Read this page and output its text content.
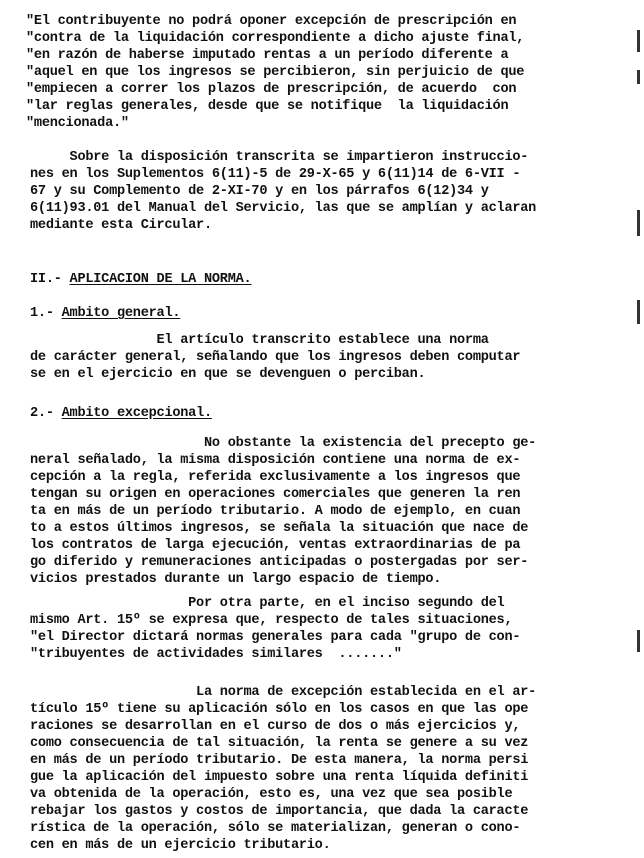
"El contribuyente no podrá oponer excepción de prescripción en
"contra de la liquidación correspondiente a dicho ajuste final,
"en razón de haberse imputado rentas a un período diferente a
"aquel en que los ingresos se percibieron, sin perjuicio de que
"empiecen a correr los plazos de prescripción, de acuerdo  con
"lar reglas generales, desde que se notifique  la liquidación
"mencionada."
Sobre la disposición transcrita se impartieron instruccio-
nes en los Suplementos 6(11)-5 de 29-X-65 y 6(11)14 de 6-VII -
67 y su Complemento de 2-XI-70 y en los párrafos 6(12)34 y
6(11)93.01 del Manual del Servicio, las que se amplían y aclaran
mediante esta Circular.
II.- APLICACION DE LA NORMA.
1.- Ambito general.
El artículo transcrito establece una norma
de carácter general, señalando que los ingresos deben computar
se en el ejercicio en que se devenguen o perciban.
2.- Ambito excepcional.
No obstante la existencia del precepto ge-
neral señalado, la misma disposición contiene una norma de ex-
cepción a la regla, referida exclusivamente a los ingresos que
tengan su origen en operaciones comerciales que generen la ren
ta en más de un período tributario. A modo de ejemplo, en cuan
to a estos últimos ingresos, se señala la situación que nace de
los contratos de larga ejecución, ventas extraordinarias de pa
go diferido y remuneraciones anticipadas o postergadas por ser-
vicios prestados durante un largo espacio de tiempo.
Por otra parte, en el inciso segundo del
mismo Art. 15º se expresa que, respecto de tales situaciones,
"el Director dictará normas generales para cada "grupo de con-
"tribuyentes de actividades similares  ......."
La norma de excepción establecida en el ar-
tículo 15º tiene su aplicación sólo en los casos en que las ope
raciones se desarrollan en el curso de dos o más ejercicios y,
como consecuencia de tal situación, la renta se genere a su vez
en más de un período tributario. De esta manera, la norma persi
gue la aplicación del impuesto sobre una renta líquida definiti
va obtenida de la operación, esto es, una vez que sea posible
rebajar los gastos y costos de importancia, que dada la caracte
rística de la operación, sólo se materializan, generan o cono-
cen en más de un ejercicio tributario.
